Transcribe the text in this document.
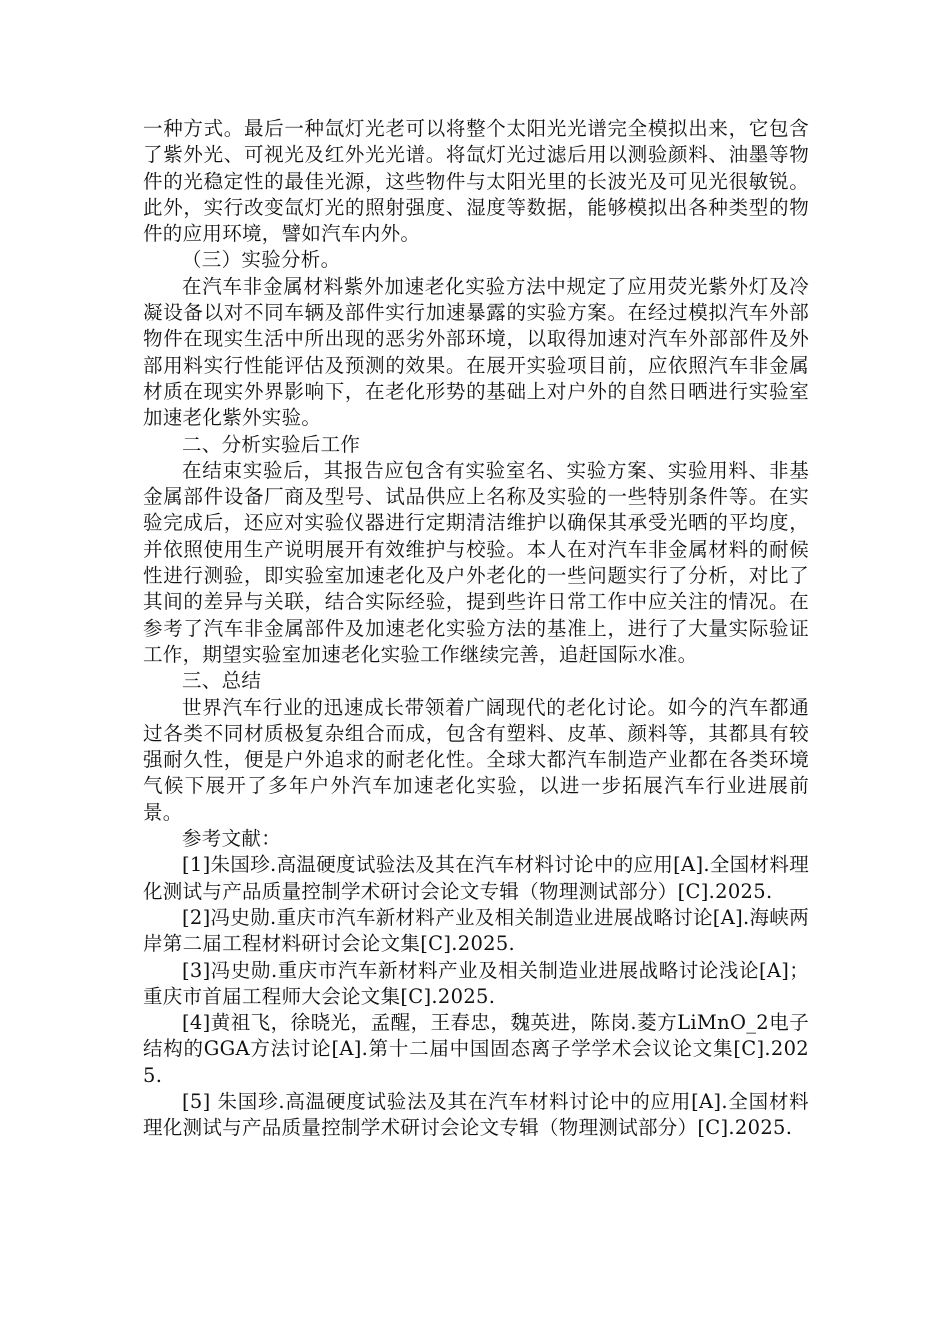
一种方式。最后一种氙灯光老可以将整个太阳光光谱完全模拟出来，它包含了紫外光、可视光及红外光光谱。将氙灯光过滤后用以测验颜料、油墨等物件的光稳定性的最佳光源，这些物件与太阳光里的长波光及可见光很敏锐。此外，实行改变氙灯光的照射强度、湿度等数据，能够模拟出各种类型的物件的应用环境，譬如汽车内外。

（三）实验分析。

在汽车非金属材料紫外加速老化实验方法中规定了应用荧光紫外灯及冷凝设备以对不同车辆及部件实行加速暴露的实验方案。在经过模拟汽车外部物件在现实生活中所出现的恶劣外部环境，以取得加速对汽车外部部件及外部用料实行性能评估及预测的效果。在展开实验项目前，应依照汽车非金属材质在现实外界影响下，在老化形势的基础上对户外的自然日晒进行实验室加速老化紫外实验。

二、分析实验后工作

在结束实验后，其报告应包含有实验室名、实验方案、实验用料、非基金属部件设备厂商及型号、试品供应上名称及实验的一些特别条件等。在实验完成后，还应对实验仪器进行定期清洁维护以确保其承受光晒的平均度，并依照使用生产说明展开有效维护与校验。本人在对汽车非金属材料的耐候性进行测验，即实验室加速老化及户外老化的一些问题实行了分析，对比了其间的差异与关联，结合实际经验，提到些许日常工作中应关注的情况。在参考了汽车非金属部件及加速老化实验方法的基准上，进行了大量实际验证工作，期望实验室加速老化实验工作继续完善，追赶国际水准。

三、总结

世界汽车行业的迅速成长带领着广阔现代的老化讨论。如今的汽车都通过各类不同材质极复杂组合而成，包含有塑料、皮革、颜料等，其都具有较强耐久性，便是户外追求的耐老化性。全球大都汽车制造产业都在各类环境气候下展开了多年户外汽车加速老化实验，以进一步拓展汽车行业进展前景。

参考文献：

[1]朱国珍.高温硬度试验法及其在汽车材料讨论中的应用[A].全国材料理化测试与产品质量控制学术研讨会论文专辑（物理测试部分）[C].2025.

[2]冯史勋.重庆市汽车新材料产业及相关制造业进展战略讨论[A].海峡两岸第二届工程材料研讨会论文集[C].2025.

[3]冯史勋.重庆市汽车新材料产业及相关制造业进展战略讨论浅论[A]；重庆市首届工程师大会论文集[C].2025.

[4]黄祖飞，徐晓光，孟醒，王春忠，魏英进，陈岗.菱方LiMnO_2电子结构的GGA方法讨论[A].第十二届中国固态离子学学术会议论文集[C].2025.

[5] 朱国珍.高温硬度试验法及其在汽车材料讨论中的应用[A].全国材料理化测试与产品质量控制学术研讨会论文专辑（物理测试部分）[C].2025.
